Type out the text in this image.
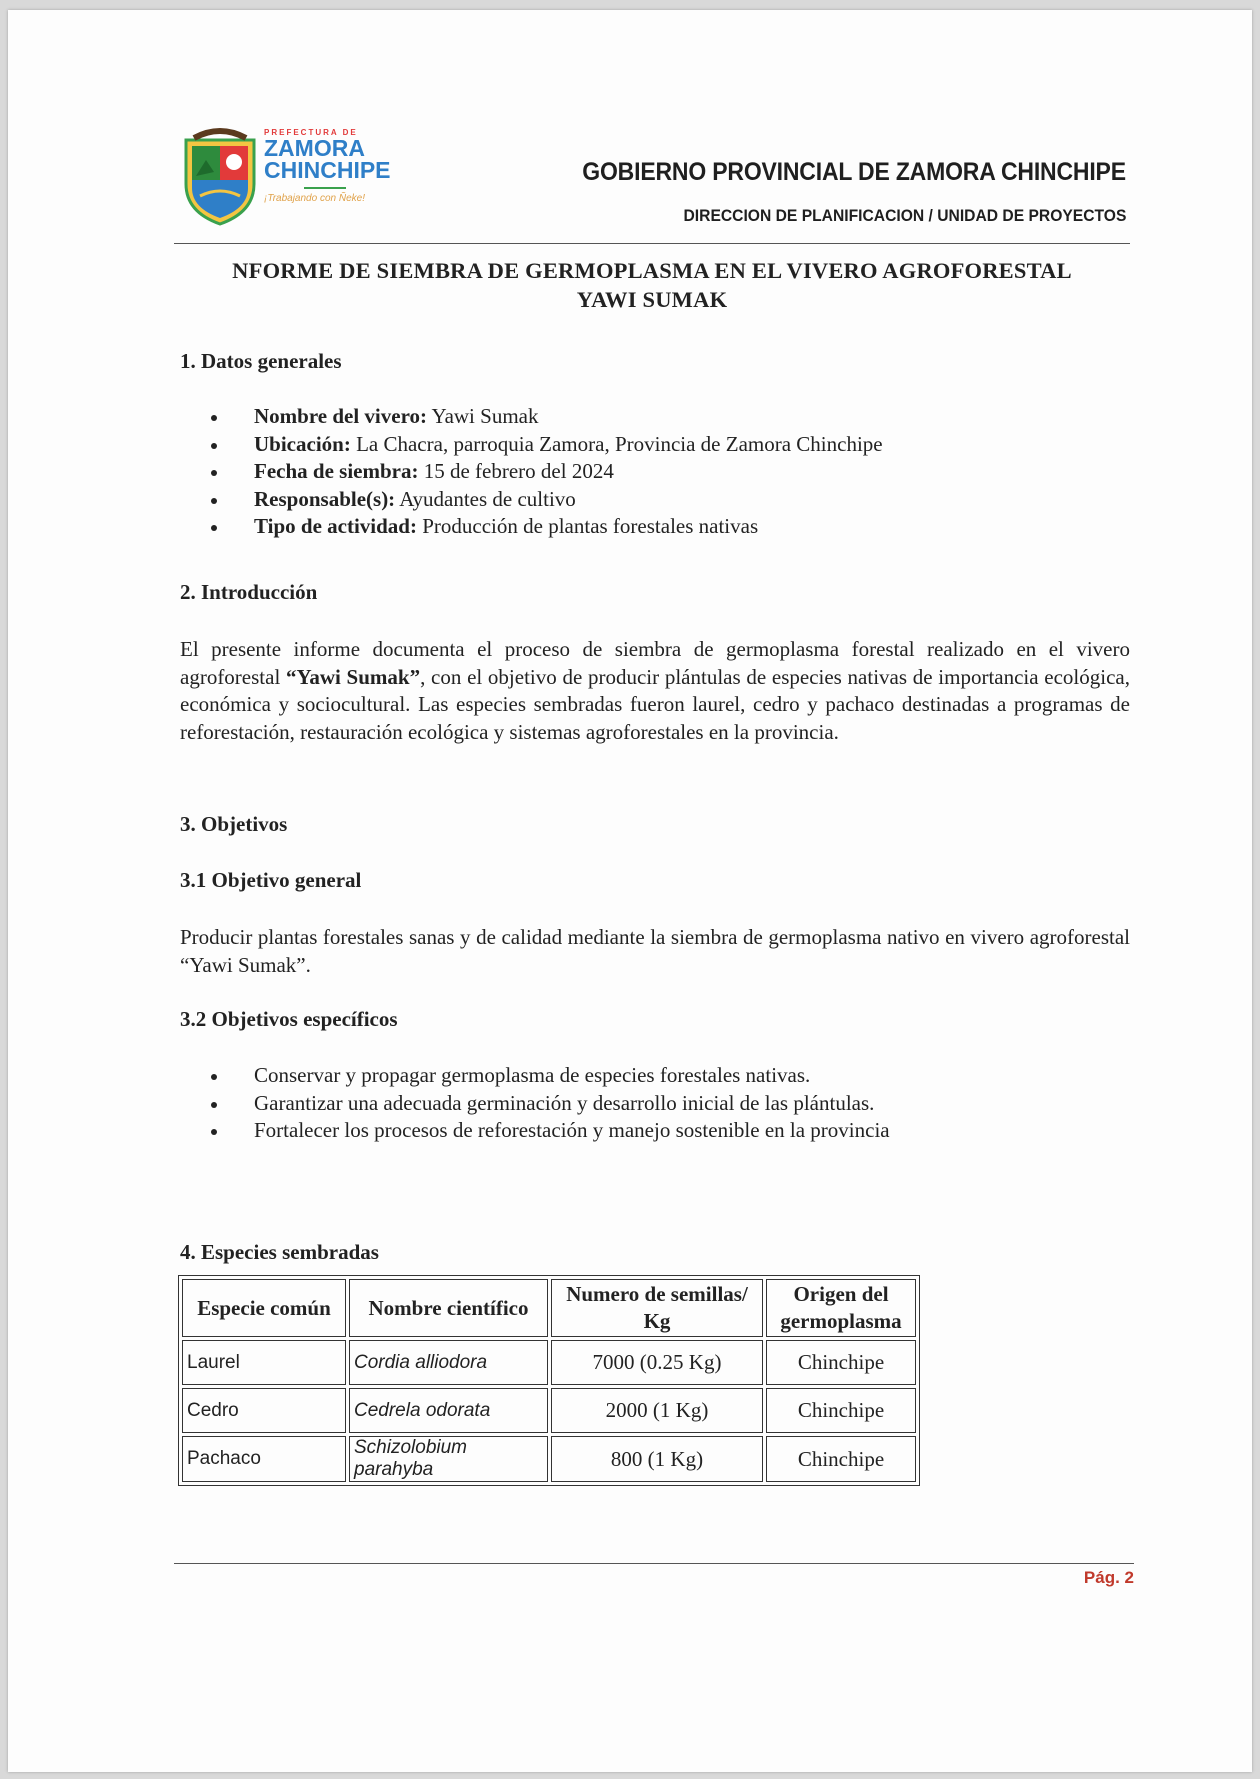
PREFECTURA DE
ZAMORA
CHINCHIPE
¡Trabajando con Ñeke!
GOBIERNO PROVINCIAL DE ZAMORA CHINCHIPE
DIRECCION DE PLANIFICACION / UNIDAD DE PROYECTOS
NFORME DE SIEMBRA DE GERMOPLASMA EN EL VIVERO AGROFORESTAL
YAWI SUMAK
1. Datos generales
Nombre del vivero: Yawi Sumak
Ubicación: La Chacra, parroquia Zamora, Provincia de Zamora Chinchipe
Fecha de siembra: 15 de febrero del 2024
Responsable(s): Ayudantes de cultivo
Tipo de actividad: Producción de plantas forestales nativas
2. Introducción

El presente informe documenta el proceso de siembra de germoplasma forestal realizado en el vivero agroforestal “Yawi Sumak”, con el objetivo de producir plántulas de especies nativas de importancia ecológica, económica y sociocultural. Las especies sembradas fueron laurel, cedro y pachaco destinadas a programas de reforestación, restauración ecológica y sistemas agroforestales en la provincia.

3. Objetivos
3.1 Objetivo general

Producir plantas forestales sanas y de calidad mediante la siembra de germoplasma nativo en vivero agroforestal “Yawi Sumak”.

3.2 Objetivos específicos
Conservar y propagar germoplasma de especies forestales nativas.
Garantizar una adecuada germinación y desarrollo inicial de las plántulas.
Fortalecer los procesos de reforestación y manejo sostenible en la provincia
4. Especies sembradas
Especie común	Nombre científico	Numero de semillas/ Kg	Origen del germoplasma
Laurel	Cordia alliodora	7000 (0.25 Kg)	Chinchipe
Cedro	Cedrela odorata	2000 (1 Kg)	Chinchipe
Pachaco	Schizolobium parahyba	800 (1 Kg)	Chinchipe
Pág. 2
